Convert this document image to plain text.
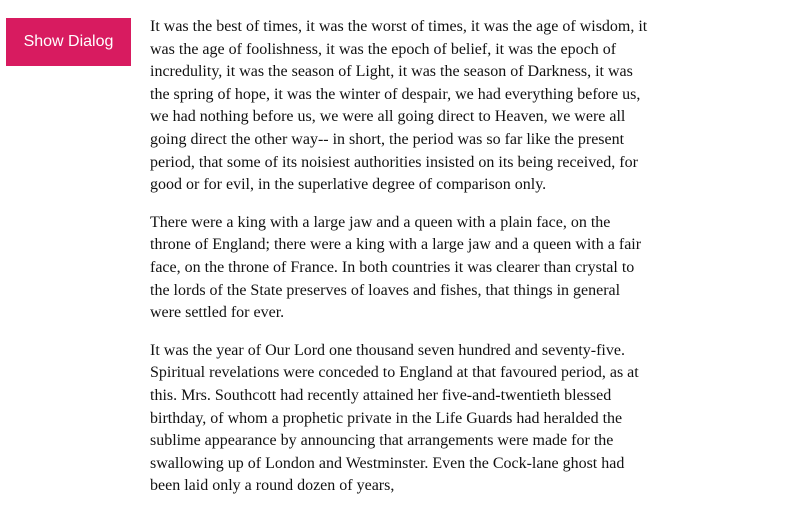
Show Dialog

It was the best of times, it was the worst of times, it was the age of wisdom, it was the age of foolishness, it was the epoch of belief, it was the epoch of incredulity, it was the season of Light, it was the season of Darkness, it was the spring of hope, it was the winter of despair, we had everything before us, we had nothing before us, we were all going direct to Heaven, we were all going direct the other way-- in short, the period was so far like the present period, that some of its noisiest authorities insisted on its being received, for good or for evil, in the superlative degree of comparison only.

There were a king with a large jaw and a queen with a plain face, on the throne of England; there were a king with a large jaw and a queen with a fair face, on the throne of France. In both countries it was clearer than crystal to the lords of the State preserves of loaves and fishes, that things in general were settled for ever.

It was the year of Our Lord one thousand seven hundred and seventy-five. Spiritual revelations were conceded to England at that favoured period, as at this. Mrs. Southcott had recently attained her five-and-twentieth blessed birthday, of whom a prophetic private in the Life Guards had heralded the sublime appearance by announcing that arrangements were made for the swallowing up of London and Westminster. Even the Cock-lane ghost had been laid only a round dozen of years,
